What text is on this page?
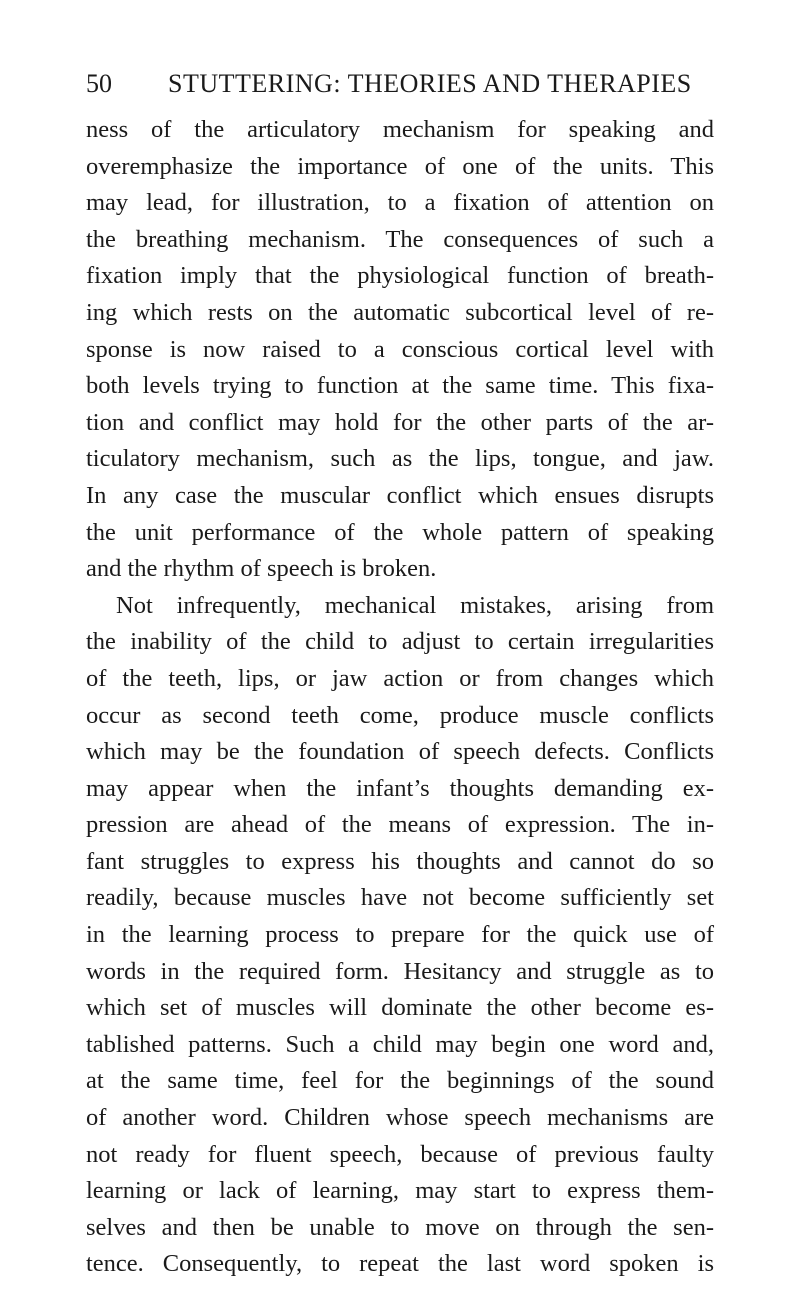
50 STUTTERING: THEORIES AND THERAPIES
ness of the articulatory mechanism for speaking and
overemphasize the importance of one of the units. This
may lead, for illustration, to a fixation of attention on
the breathing mechanism. The consequences of such a
fixation imply that the physiological function of breath-
ing which rests on the automatic subcortical level of re-
sponse is now raised to a conscious cortical level with
both levels trying to function at the same time. This fixa-
tion and conflict may hold for the other parts of the ar-
ticulatory mechanism, such as the lips, tongue, and jaw.
In any case the muscular conflict which ensues disrupts
the unit performance of the whole pattern of speaking
and the rhythm of speech is broken.
Not infrequently, mechanical mistakes, arising from
the inability of the child to adjust to certain irregularities
of the teeth, lips, or jaw action or from changes which
occur as second teeth come, produce muscle conflicts
which may be the foundation of speech defects. Conflicts
may appear when the infant’s thoughts demanding ex-
pression are ahead of the means of expression. The in-
fant struggles to express his thoughts and cannot do so
readily, because muscles have not become sufficiently set
in the learning process to prepare for the quick use of
words in the required form. Hesitancy and struggle as to
which set of muscles will dominate the other become es-
tablished patterns. Such a child may begin one word and,
at the same time, feel for the beginnings of the sound
of another word. Children whose speech mechanisms are
not ready for fluent speech, because of previous faulty
learning or lack of learning, may start to express them-
selves and then be unable to move on through the sen-
tence. Consequently, to repeat the last word spoken is
